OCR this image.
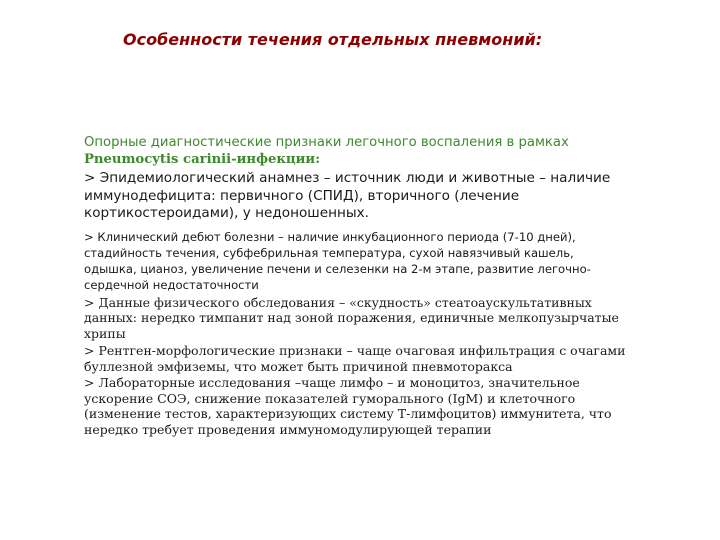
Особенности течения отдельных пневмоний:

Опорные диагностические признаки легочного воспаления в рамках

Pneumocytis carinii-инфекции:

> Эпидемиологический анамнез – источник люди и животные – наличие
иммунодефицита: первичного (СПИД), вторичного (лечение
кортикостероидами), у недоношенных.

> Клинический дебют болезни – наличие инкубационного периода (7-10 дней),
стадийность течения, субфебрильная температура, сухой навязчивый кашель,
одышка, цианоз, увеличение печени и селезенки на 2-м этапе, развитие легочно-
сердечной недостаточности

> Данные физического обследования – «скудность» стеатоаускультативных
данных: нередко тимпанит над зоной поражения, единичные мелкопузырчатые
хрипы

> Рентген-морфологические признаки – чаще очаговая инфильтрация с очагами
буллезной эмфиземы, что может быть причиной пневмоторакса

> Лабораторные исследования –чаще лимфо – и моноцитоз, значительное
ускорение СОЭ, снижение показателей гуморального (IgM) и клеточного
(изменение тестов, характеризующих систему Т-лимфоцитов) иммунитета, что
нередко требует проведения иммуномодулирующей терапии
